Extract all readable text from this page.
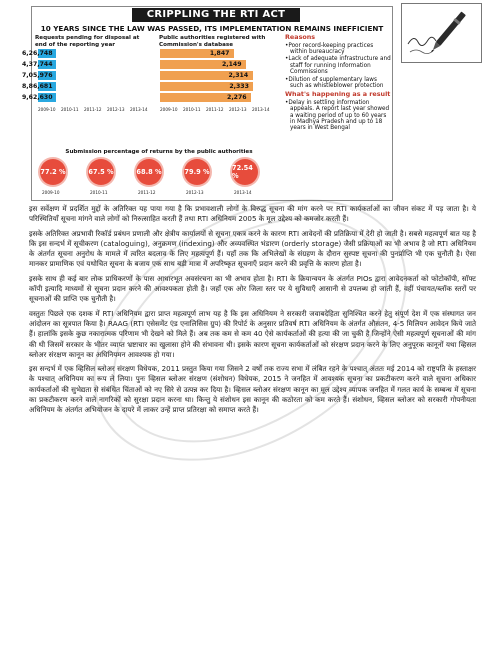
CRIPPLING THE RTI ACT
10 YEARS SINCE THE LAW WAS PASSED, ITS IMPLEMENTATION REMAINS INEFFICIENT
Requests pending for disposal at end of the reporting year
6,26,748
4,37,744
7,05,976
8,86,681
9,62,630
2009-10 2010-11 2011-12 2012-13 2013-14
Public authorities registered with Commission's database
1,847
2,149
2,314
2,333
2,276
2009-10 2010-11 2011-12 2012-13 2013-14
Reasons
•Poor record-keeping practices within bureaucracy
•Lack of adequate infrastructure and staff for running Information Commissions
•Dilution of supplementary laws such as whistleblower protection
What's happening as a result
•Delay in settling information appeals. A report last year showed a waiting period of up to 60 years in Madhya Pradesh and up to 18 years in West Bengal
Submission percentage of returns by the public authorities
77.2 %
2009-10
67.5 %
2010-11
68.8 %
2011-12
79.9 %
2012-13
72.54 %
2013-14

इस सर्वेक्षण में प्रदर्शित मुद्दों के अतिरिक्त यह पाया गया है कि प्रभावशाली लोगों के विरुद्ध सूचना की मांग करने पर RTI कार्यकर्ताओं का जीवन संकट में पड़ जाता है। ये परिस्थितियाँ सूचना मांगने वाले लोगों को निरुत्साहित करती हैं तथा RTI अधिनियम 2005 के मूल उद्देश्य को कमजोर करती हैं।

इसके अतिरिक्त अप्रभावी रिकॉर्ड प्रबंधन प्रणाली और क्षेत्रीय कार्यालयों से सूचना एकत्र करने के कारण RTI आवेदनों की प्रतिक्रिया में देरी हो जाती है। सबसे महत्वपूर्ण बात यह है कि इस सन्दर्भ में सूचीकरण (cataloguing), अनुक्रमण (indexing) और अव्यवस्थित भंडारण (orderly storage) जैसी प्रक्रियाओं का भी अभाव है जो RTI अधिनियम के अंतर्गत सूचना अनुरोध के मामले में त्वरित बदलाव के लिए महत्वपूर्ण हैं। यहाँ तक कि अभिलेखों के संग्रहण के दौरान सुस्पष्ट सूचना की पुनर्प्राप्ति भी एक चुनौती है। ऐसा मानकर प्रामाणिक एवं यथोचित सूचना के बजाय एक साथ बड़ी मात्रा में अपरिष्कृत सूचनाएँ प्रदान करने की प्रवृत्ति के कारण होता है।

इसके साथ ही कई बार लोक प्राधिकरणों के पास आधारभूत अवसंरचना का भी अभाव होता है। RTI के क्रियान्वयन के अंतर्गत PIOs द्वारा आवेदनकर्ता को फोटोकॉपी, सॉफ्ट कॉपी इत्यादि माध्यमों से सूचना प्रदान करने की आवश्यकता होती है। जहाँ एक ओर जिला स्तर पर ये सुविधाएँ आसानी से उपलब्ध हो जाती हैं, वहीं पंचायत/ब्लॉक स्तरों पर सूचनाओं की प्राप्ति एक चुनौती है।

वस्तुतः पिछले एक दशक में RTI अधिनियम द्वारा प्राप्त महत्वपूर्ण लाभ यह है कि इस अधिनियम ने सरकारी जवाबदेहिता सुनिश्चित करने हेतु संपूर्ण देश में एक संस्थागत जन आंदोलन का सूत्रपात किया है। RAAG (RTI एसेसमेंट एंड एनालिसिस ग्रुप) की रिपोर्ट के अनुसार प्रतिवर्ष RTI अधिनियम के अंतर्गत औसतन, 4-5 मिलियन आवेदन किये जाते हैं। हालांकि इसके कुछ नकारात्मक परिणाम भी देखने को मिले हैं। अब तक कम से कम 40 ऐसे कार्यकर्ताओं की हत्या की जा चुकी है जिन्होंने ऐसी महत्वपूर्ण सूचनाओं की मांग की थी जिसमें सरकार के भीतर व्याप्त भ्रष्टाचार का खुलासा होने की संभावना थी। इसके कारण सूचना कार्यकर्ताओं को संरक्षण प्रदान करने के लिए अनुपूरक कानूनों यथा व्हिसल ब्लोअर संरक्षण कानून का अधिनियमन आवश्यक हो गया।

इस सन्दर्भ में एक व्हिसिल ब्लोअर संरक्षण विधेयक, 2011 प्रस्तुत किया गया जिसने 2 वर्षों तक राज्य सभा में लंबित रहने के पश्चात् अंततः मई 2014 को राष्ट्रपति के हस्ताक्षर के पश्चात् अधिनियम का रूप ले लिया। पुनः व्हिसल ब्लोअर संरक्षण (संशोधन) विधेयक, 2015 ने जनहित में आवश्यक सूचना का प्रकटीकरण करने वाले सूचना अधिकार कार्यकर्ताओं की सुभेद्यता से संबंधित चिंताओं को नए सिरे से उत्पन्न कर दिया है। व्हिसल ब्लोअर संरक्षण कानून का मूल उद्देश्य व्यापक जनहित में गलत कार्य के सम्बन्ध में सूचना का प्रकटीकरण करने वाले नागरिकों को सुरक्षा प्रदान करना था। किन्तु ये संशोधन इस कानून की कठोरता को कम करते हैं। संशोधन, व्हिसल ब्लोअर को सरकारी गोपनीयता अधिनियम के अंतर्गत अभियोजन के दायरे में लाकर उन्हें प्राप्त प्रतिरक्षा को समाप्त करते हैं।
